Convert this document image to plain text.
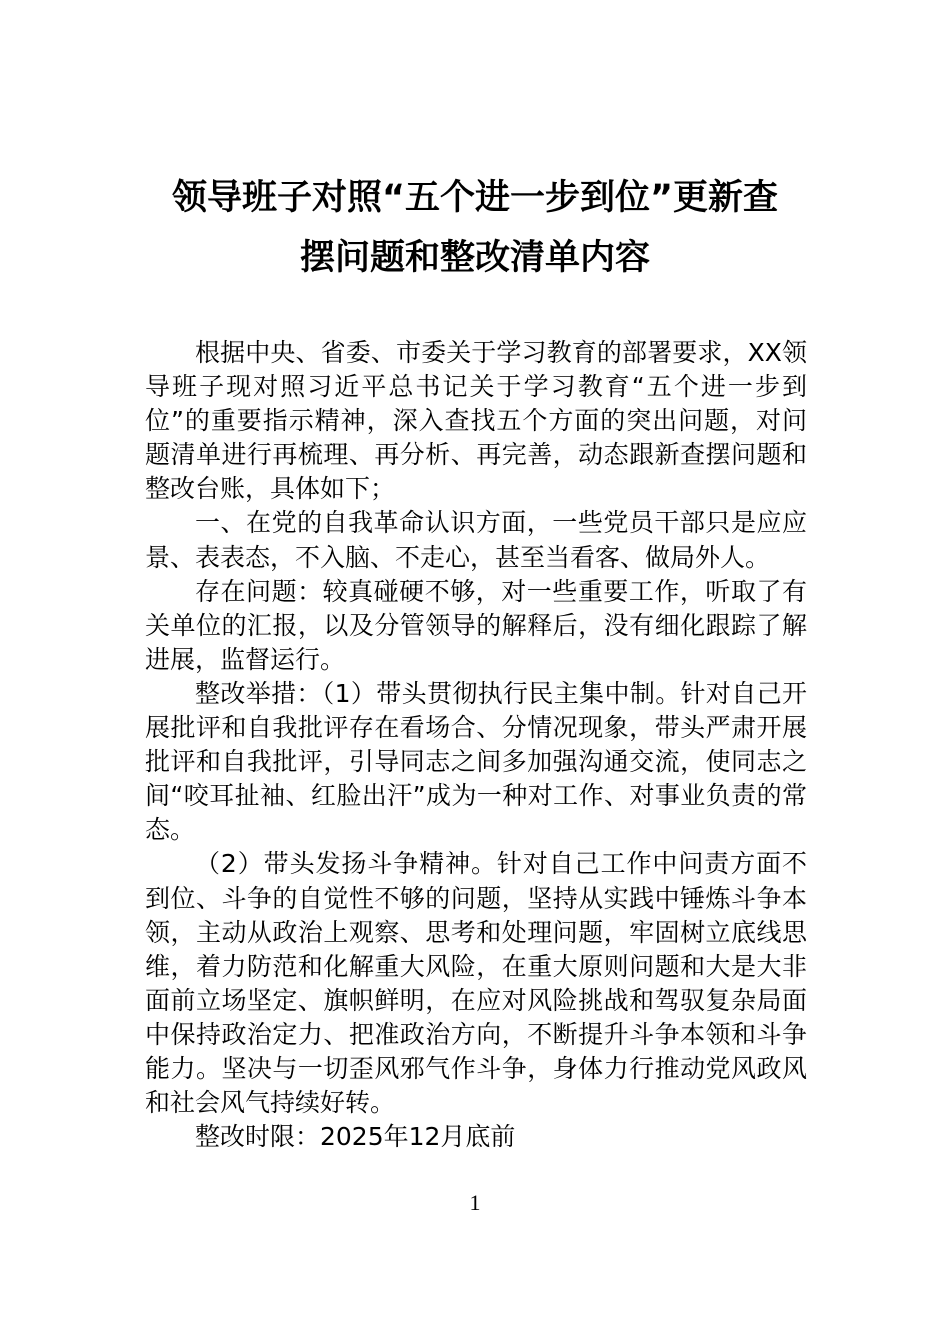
领导班子对照“五个进一步到位”更新查
摆问题和整改清单内容

根据中央、省委、市委关于学习教育的部署要求，XX领导班子现对照习近平总书记关于学习教育“五个进一步到位”的重要指示精神，深入查找五个方面的突出问题，对问题清单进行再梳理、再分析、再完善，动态跟新查摆问题和整改台账，具体如下；

一、在党的自我革命认识方面，一些党员干部只是应应景、表表态，不入脑、不走心，甚至当看客、做局外人。

存在问题：较真碰硬不够，对一些重要工作，听取了有关单位的汇报，以及分管领导的解释后，没有细化跟踪了解进展，监督运行。

整改举措：（1）带头贯彻执行民主集中制。针对自己开展批评和自我批评存在看场合、分情况现象，带头严肃开展批评和自我批评，引导同志之间多加强沟通交流，使同志之间“咬耳扯袖、红脸出汗”成为一种对工作、对事业负责的常态。

（2）带头发扬斗争精神。针对自己工作中问责方面不到位、斗争的自觉性不够的问题，坚持从实践中锤炼斗争本领，主动从政治上观察、思考和处理问题，牢固树立底线思维，着力防范和化解重大风险，在重大原则问题和大是大非面前立场坚定、旗帜鲜明，在应对风险挑战和驾驭复杂局面中保持政治定力、把准政治方向，不断提升斗争本领和斗争能力。坚决与一切歪风邪气作斗争，身体力行推动党风政风和社会风气持续好转。

整改时限：2025年12月底前

1
